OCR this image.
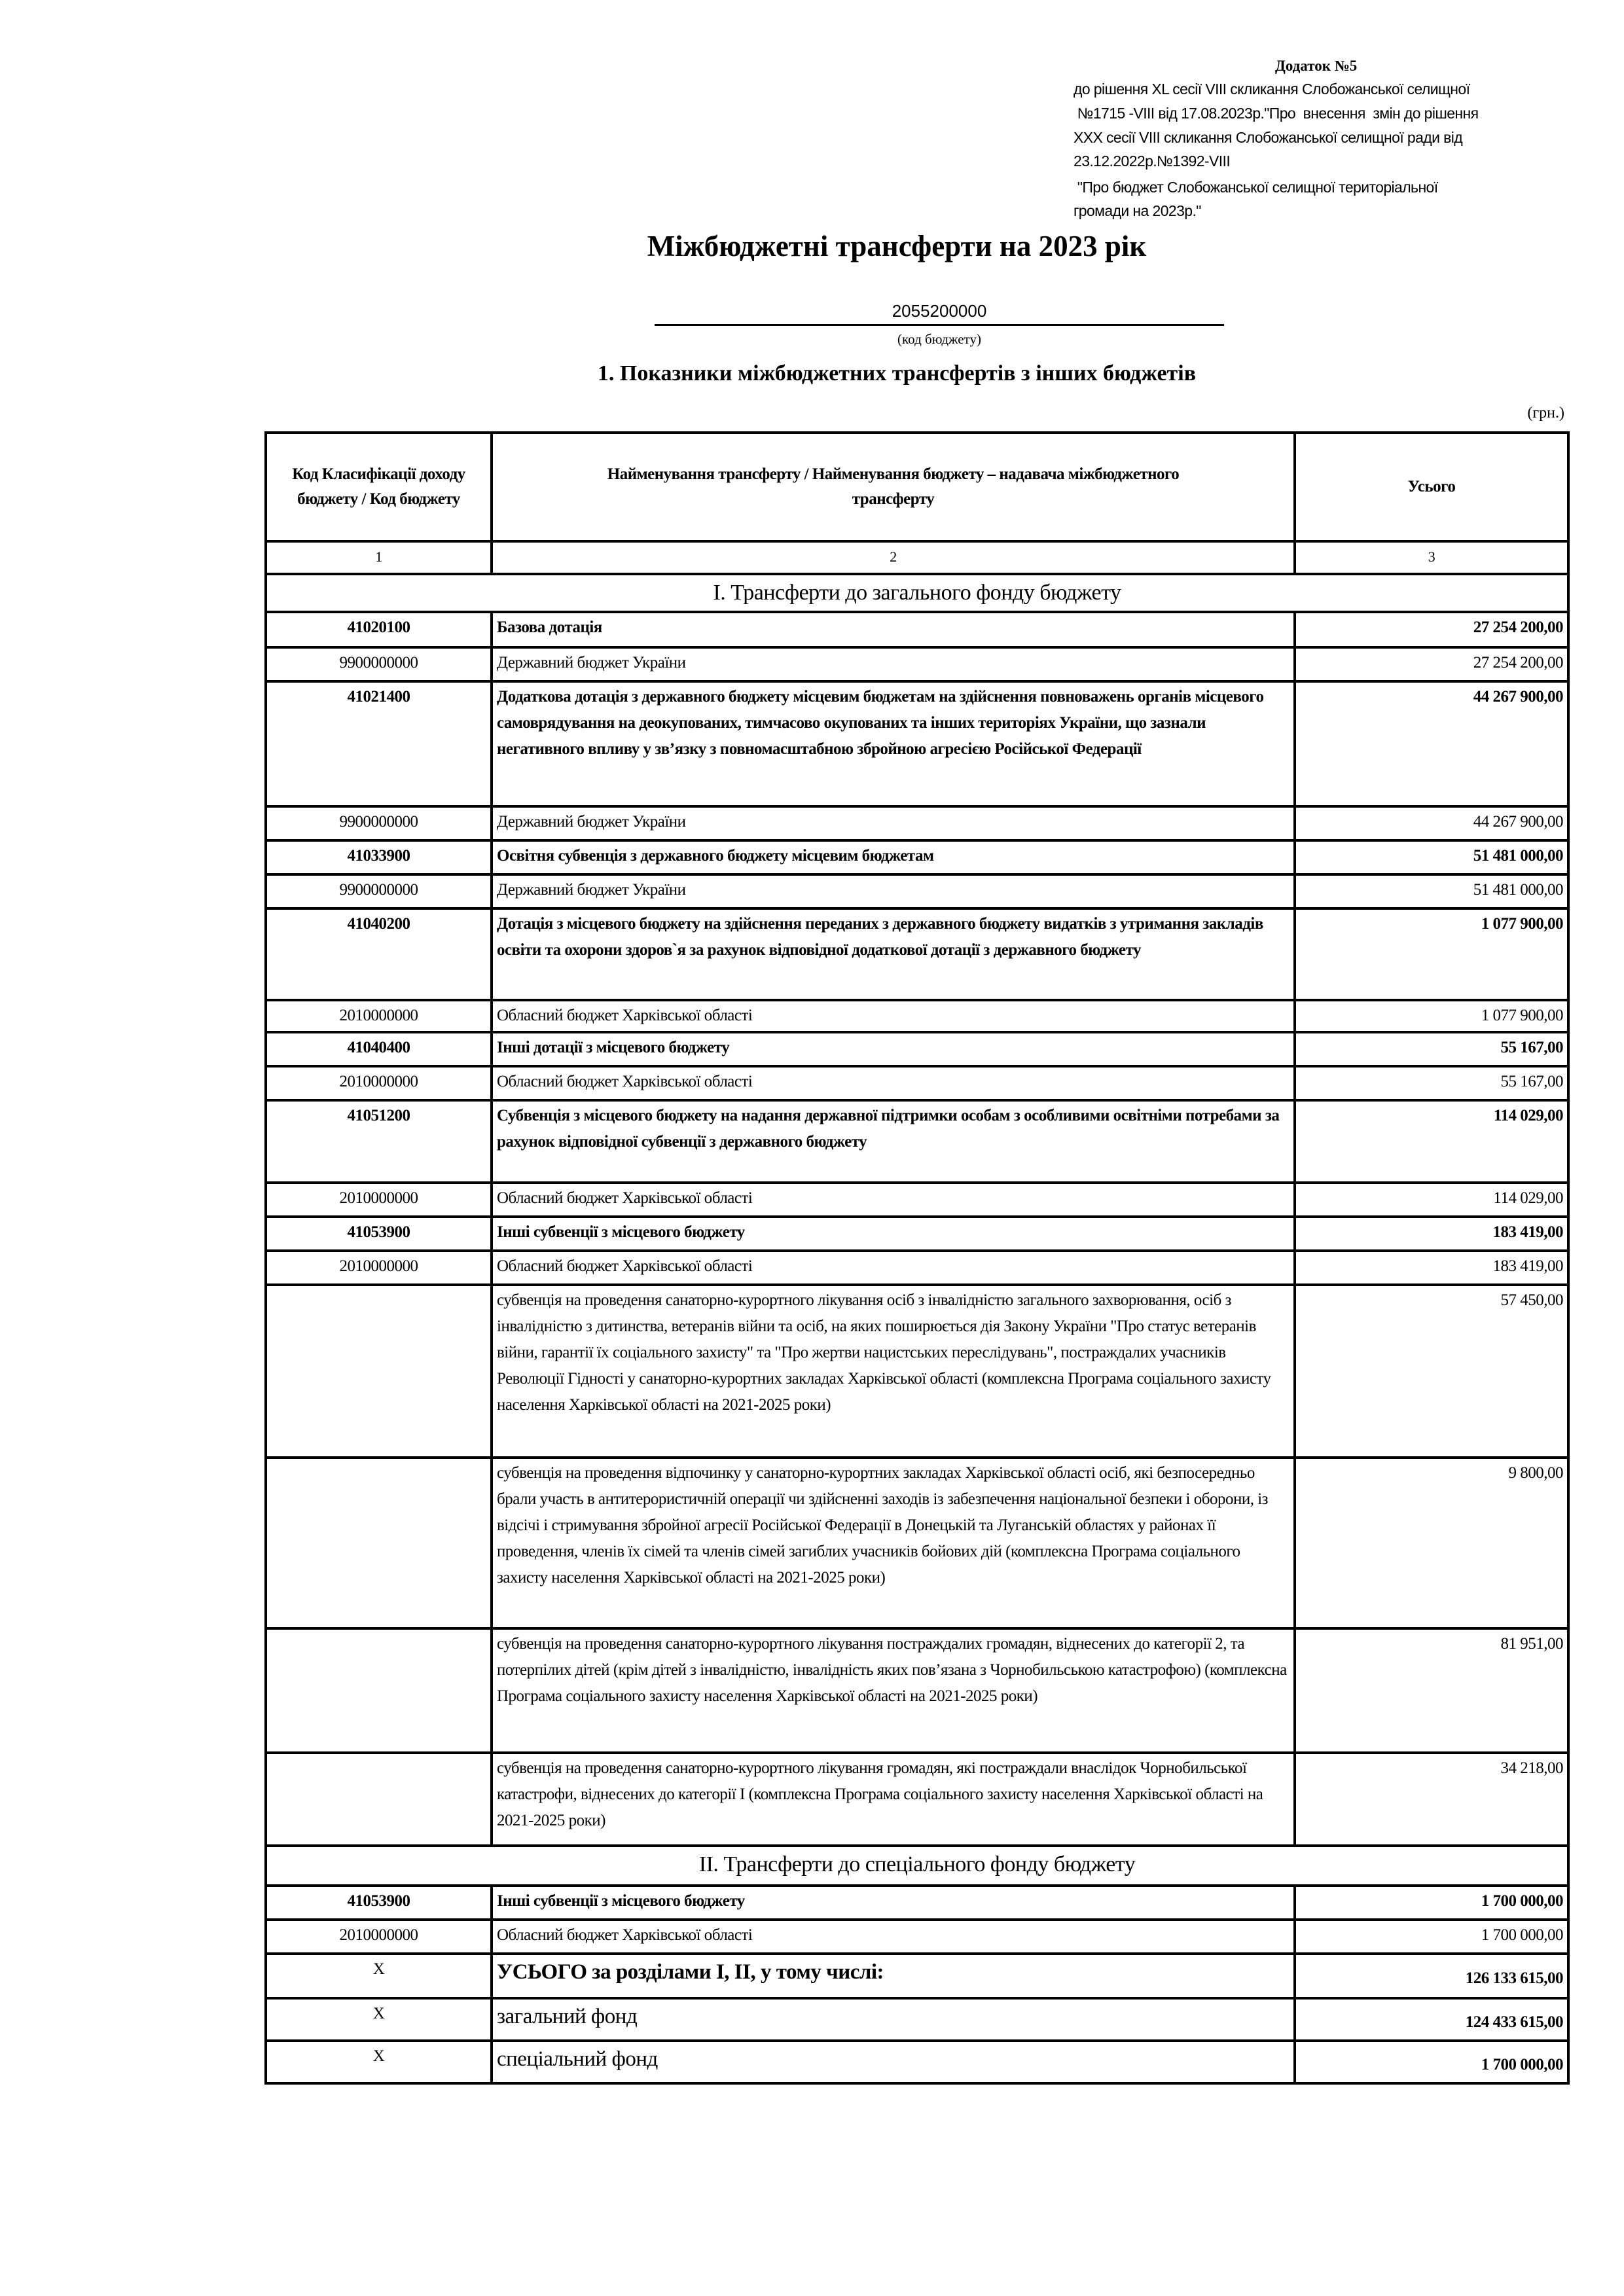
Додаток №5
до рішення XL сесії VIII скликання Слобожанської селищної
№1715 -VIII від 17.08.2023р."Про  внесення  змін до рішення
XXX сесії VIII скликання Слобожанської селищної ради від
23.12.2022р.№1392-VIII
"Про бюджет Слобожанської селищної територіальної
громади на 2023р."
Міжбюджетні трансферти на 2023 рік
2055200000
(код бюджету)
1. Показники міжбюджетних трансфертів з інших бюджетів
(грн.)
Код Класифікації доходу бюджету / Код бюджету	Найменування трансферту / Найменування бюджету – надавача міжбюджетного трансферту	Усього
1	2	3
І. Трансферти до загального фонду бюджету		
41020100	Базова дотація	27 254 200,00
9900000000	Державний бюджет України	27 254 200,00
41021400	Додаткова дотація з державного бюджету місцевим бюджетам на здійснення повноважень органів місцевого самоврядування на деокупованих, тимчасово окупованих та інших територіях України, що зазнали негативного впливу у зв’язку з повномасштабною збройною агресією Російської Федерації	44 267 900,00
9900000000	Державний бюджет України	44 267 900,00
41033900	Освітня субвенція з державного бюджету місцевим бюджетам	51 481 000,00
9900000000	Державний бюджет України	51 481 000,00
41040200	Дотація з місцевого бюджету на здійснення переданих з державного бюджету видатків з утримання закладів освіти та охорони здоров`я за рахунок відповідної додаткової дотації з державного бюджету	1 077 900,00
2010000000	Обласний бюджет Харківської області	1 077 900,00
41040400	Інші дотації з місцевого бюджету	55 167,00
2010000000	Обласний бюджет Харківської області	55 167,00
41051200	Субвенція з місцевого бюджету на надання державної підтримки особам з особливими освітніми потребами за рахунок відповідної субвенції з державного бюджету	114 029,00
2010000000	Обласний бюджет Харківської області	114 029,00
41053900	Інші субвенції з місцевого бюджету	183 419,00
2010000000	Обласний бюджет Харківської області	183 419,00
	субвенція на проведення санаторно-курортного лікування осіб з інвалідністю загального захворювання, осіб з інвалідністю з дитинства, ветеранів війни та осіб, на яких поширюється дія Закону України "Про статус ветеранів війни, гарантії їх соціального захисту" та "Про жертви нацистських переслідувань", постраждалих учасників Революції Гідності у санаторно-курортних закладах Харківської області (комплексна Програма соціального захисту населення Харківської області на 2021-2025 роки)	57 450,00
	субвенція на проведення відпочинку у санаторно-курортних закладах Харківської області осіб, які безпосередньо брали участь в антитерористичній операції чи здійсненні заходів із забезпечення національної безпеки і оборони, із відсічі і стримування збройної агресії Російської Федерації в Донецькій та Луганській областях у районах її проведення, членів їх сімей та членів сімей загиблих учасників бойових дій (комплексна Програма соціального захисту населення Харківської області на 2021-2025 роки)	9 800,00
	субвенція на проведення санаторно-курортного лікування постраждалих громадян, віднесених до категорії 2, та потерпілих дітей (крім дітей з інвалідністю, інвалідність яких пов’язана з Чорнобильською катастрофою) (комплексна Програма соціального захисту населення Харківської області на 2021-2025 роки)	81 951,00
	субвенція на проведення санаторно-курортного лікування громадян, які постраждали внаслідок Чорнобильської катастрофи, віднесених до категорії I (комплексна Програма соціального захисту населення Харківської області на 2021-2025 роки)	34 218,00
ІІ. Трансферти до спеціального фонду бюджету		
41053900	Інші субвенції з місцевого бюджету	1 700 000,00
2010000000	Обласний бюджет Харківської області	1 700 000,00
Х	УСЬОГО за розділами І, ІІ, у тому числі:	126 133 615,00
Х	загальний фонд	124 433 615,00
Х	спеціальний фонд	1 700 000,00
